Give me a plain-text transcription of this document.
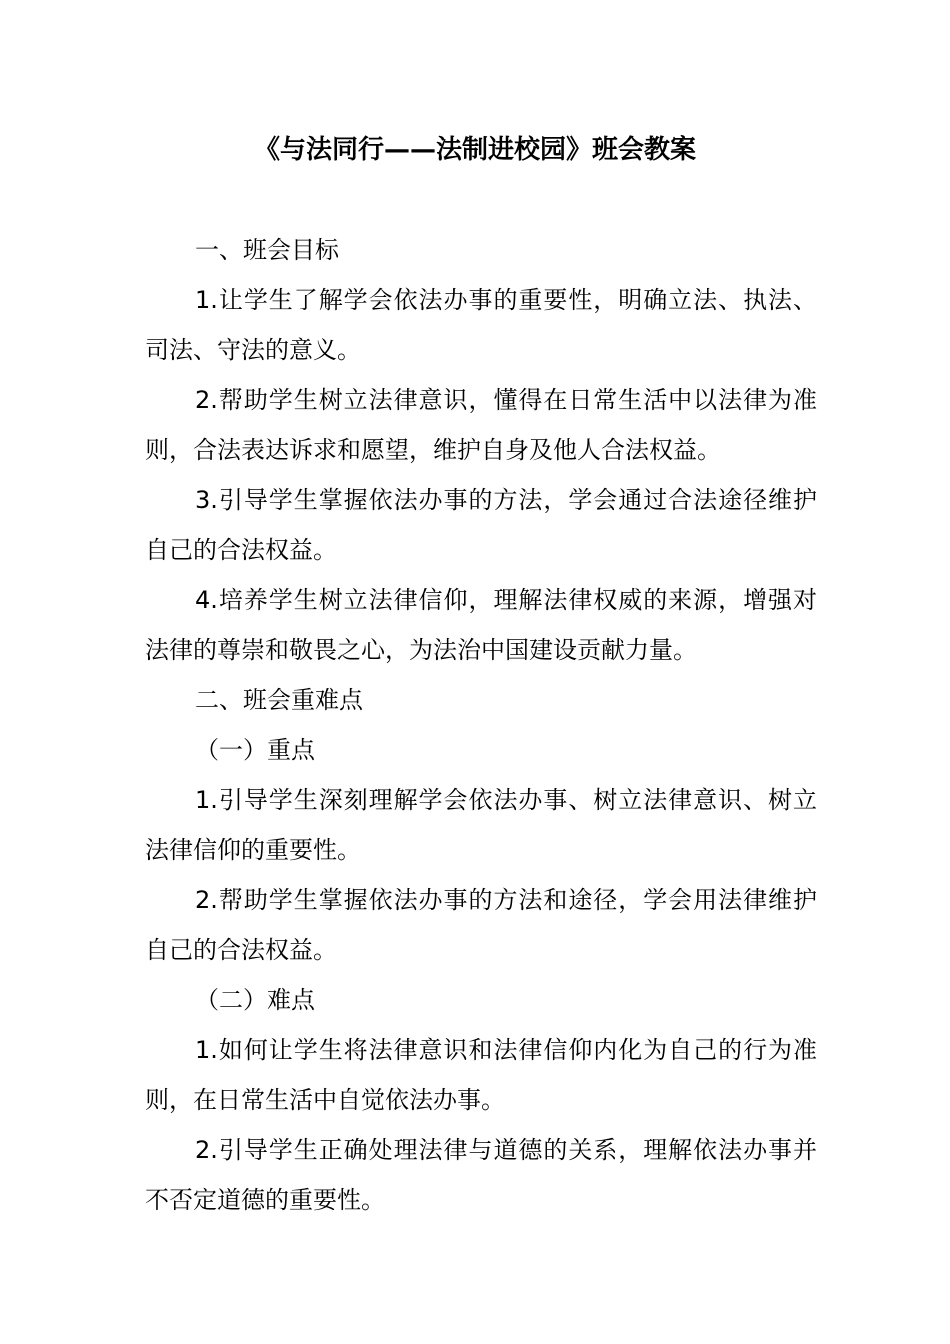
《与法同行——法制进校园》班会教案

一、班会目标

1.让学生了解学会依法办事的重要性，明确立法、执法、司法、守法的意义。

2.帮助学生树立法律意识，懂得在日常生活中以法律为准则，合法表达诉求和愿望，维护自身及他人合法权益。

3.引导学生掌握依法办事的方法，学会通过合法途径维护自己的合法权益。

4.培养学生树立法律信仰，理解法律权威的来源，增强对法律的尊崇和敬畏之心，为法治中国建设贡献力量。

二、班会重难点

（一）重点

1.引导学生深刻理解学会依法办事、树立法律意识、树立法律信仰的重要性。

2.帮助学生掌握依法办事的方法和途径，学会用法律维护自己的合法权益。

（二）难点

1.如何让学生将法律意识和法律信仰内化为自己的行为准则，在日常生活中自觉依法办事。

2.引导学生正确处理法律与道德的关系，理解依法办事并不否定道德的重要性。
